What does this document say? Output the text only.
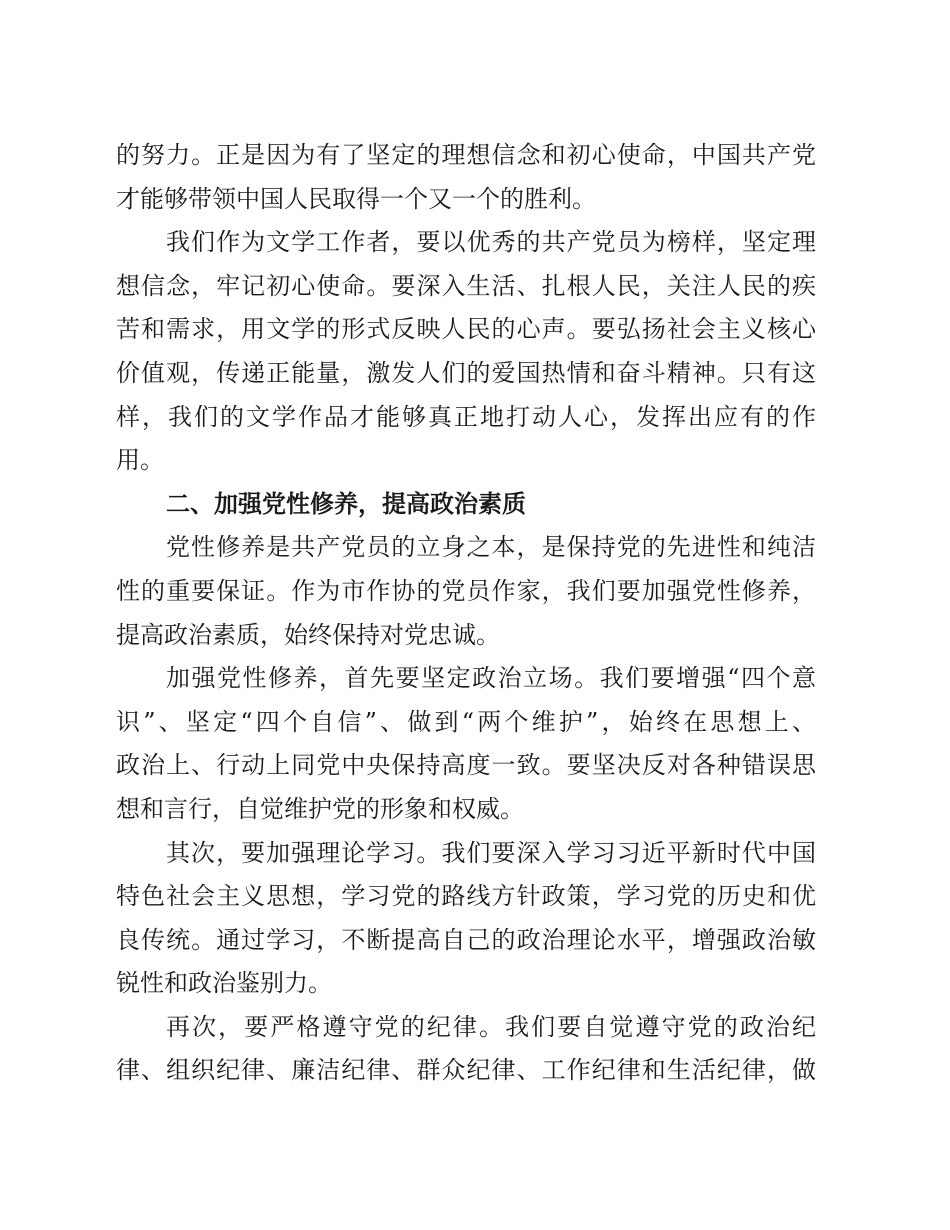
的努力。正是因为有了坚定的理想信念和初心使命，中国共产党
才能够带领中国人民取得一个又一个的胜利。
我们作为文学工作者，要以优秀的共产党员为榜样，坚定理
想信念，牢记初心使命。要深入生活、扎根人民，关注人民的疾
苦和需求，用文学的形式反映人民的心声。要弘扬社会主义核心
价值观，传递正能量，激发人们的爱国热情和奋斗精神。只有这
样，我们的文学作品才能够真正地打动人心，发挥出应有的作
用。
二、加强党性修养，提高政治素质
党性修养是共产党员的立身之本，是保持党的先进性和纯洁
性的重要保证。作为市作协的党员作家，我们要加强党性修养，
提高政治素质，始终保持对党忠诚。
加强党性修养，首先要坚定政治立场。我们要增强“四个意
识”、坚定“四个自信”、做到“两个维护”，始终在思想上、
政治上、行动上同党中央保持高度一致。要坚决反对各种错误思
想和言行，自觉维护党的形象和权威。
其次，要加强理论学习。我们要深入学习习近平新时代中国
特色社会主义思想，学习党的路线方针政策，学习党的历史和优
良传统。通过学习，不断提高自己的政治理论水平，增强政治敏
锐性和政治鉴别力。
再次，要严格遵守党的纪律。我们要自觉遵守党的政治纪
律、组织纪律、廉洁纪律、群众纪律、工作纪律和生活纪律，做
